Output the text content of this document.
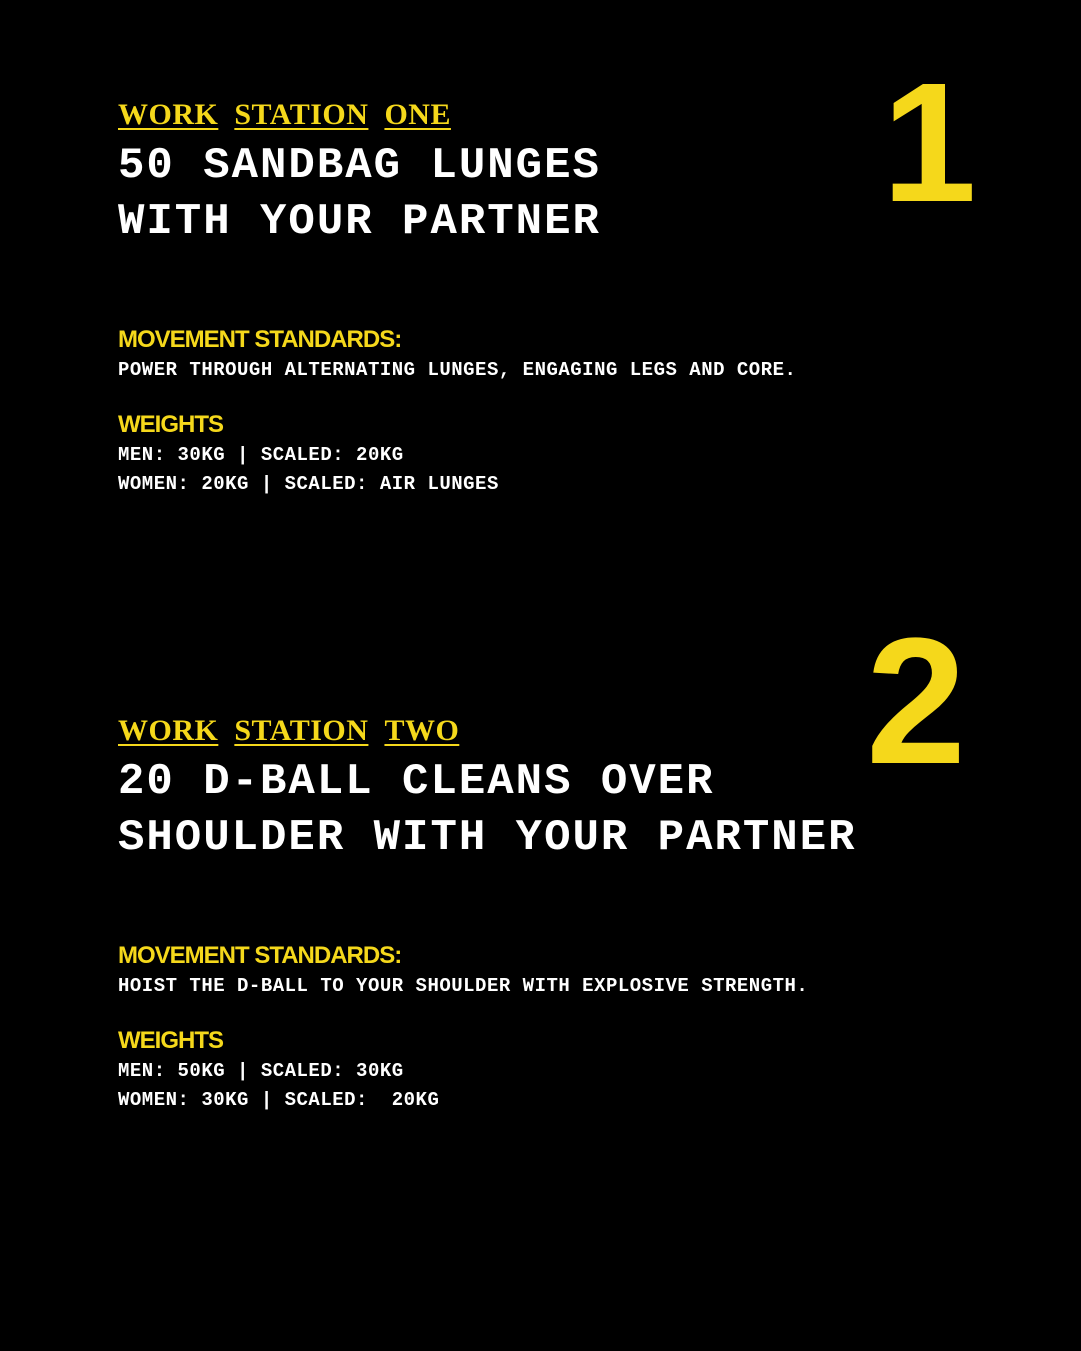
1
WORK STATION ONE
50 SANDBAG LUNGES
WITH YOUR PARTNER
MOVEMENT STANDARDS:

POWER THROUGH ALTERNATING LUNGES, ENGAGING LEGS AND CORE.

WEIGHTS

MEN: 30KG | SCALED: 20KG

WOMEN: 20KG | SCALED: AIR LUNGES

2
WORK STATION TWO
20 D-BALL CLEANS OVER
SHOULDER WITH YOUR PARTNER
MOVEMENT STANDARDS:

HOIST THE D-BALL TO YOUR SHOULDER WITH EXPLOSIVE STRENGTH.

WEIGHTS

MEN: 50KG | SCALED: 30KG

WOMEN: 30KG | SCALED:  20KG
